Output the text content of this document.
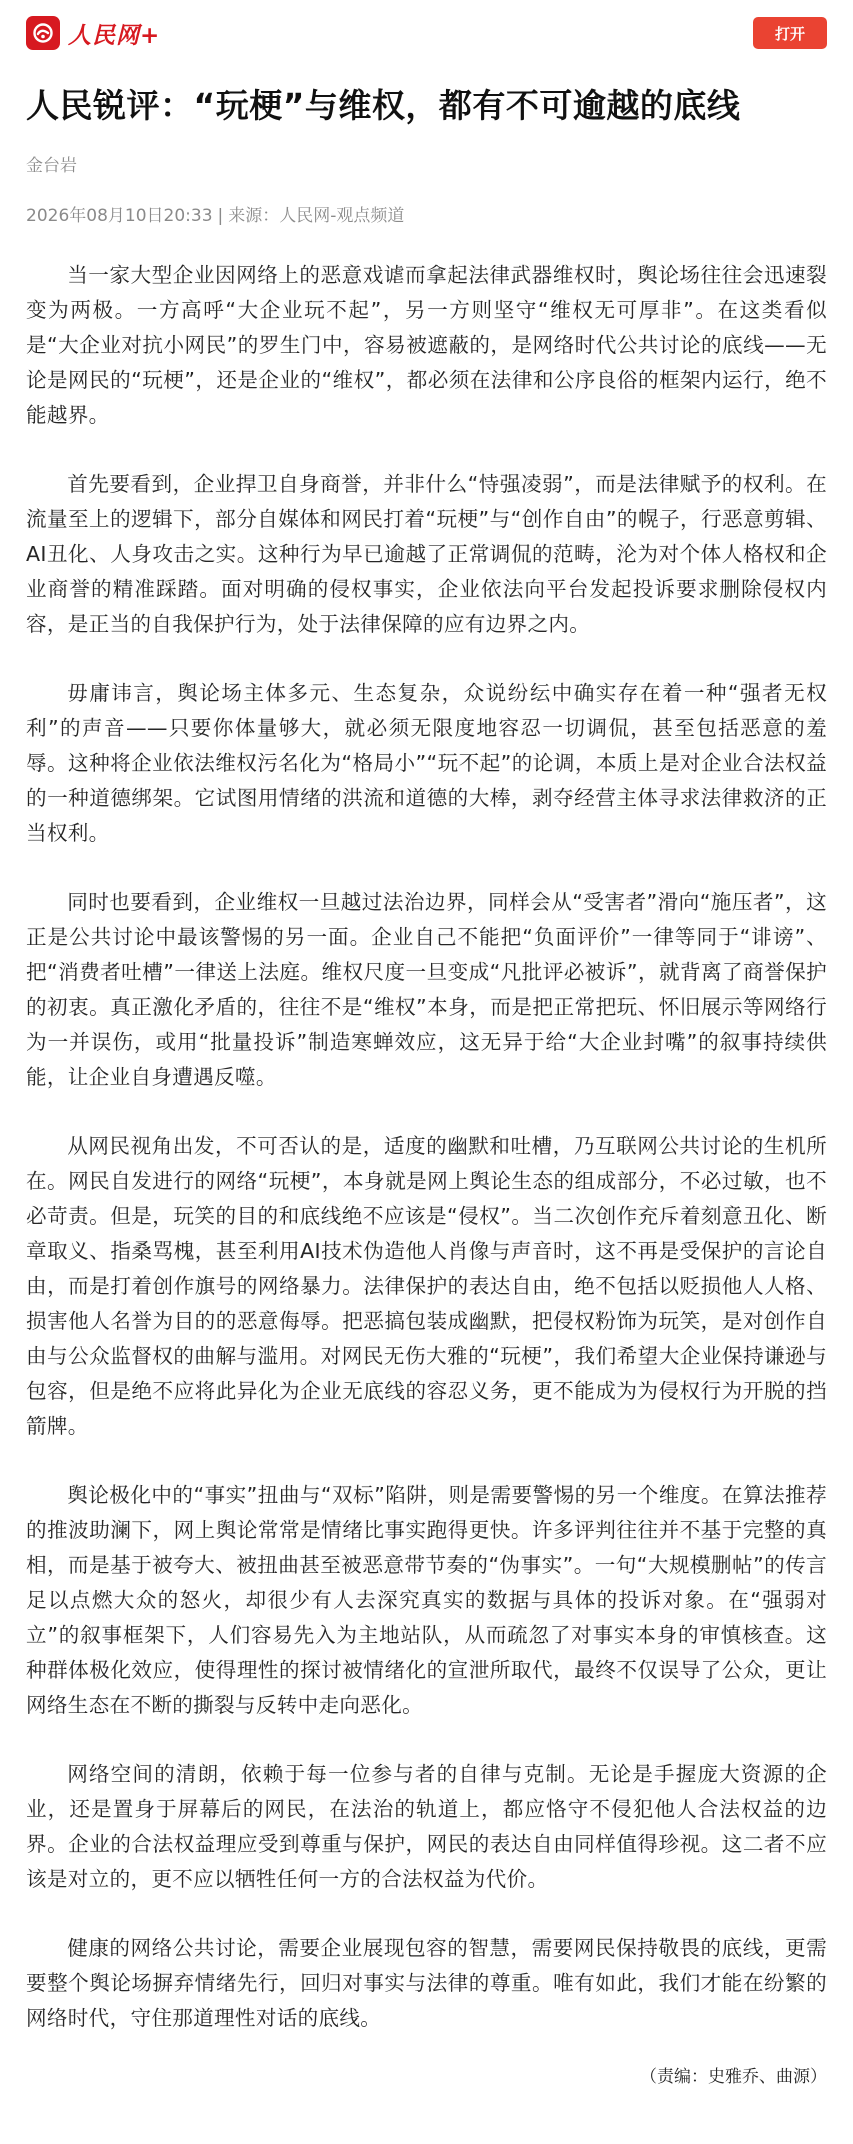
人民网+	打开
人民锐评：“玩梗”与维权，都有不可逾越的底线
金台岩
2026年08月10日20:33 | 来源：人民网-观点频道

当一家大型企业因网络上的恶意戏谑而拿起法律武器维权时，舆论场往往会迅速裂变为两极。一方高呼“大企业玩不起”，另一方则坚守“维权无可厚非”。在这类看似是“大企业对抗小网民”的罗生门中，容易被遮蔽的，是网络时代公共讨论的底线——无论是网民的“玩梗”，还是企业的“维权”，都必须在法律和公序良俗的框架内运行，绝不能越界。

首先要看到，企业捍卫自身商誉，并非什么“恃强凌弱”，而是法律赋予的权利。在流量至上的逻辑下，部分自媒体和网民打着“玩梗”与“创作自由”的幌子，行恶意剪辑、AI丑化、人身攻击之实。这种行为早已逾越了正常调侃的范畴，沦为对个体人格权和企业商誉的精准踩踏。面对明确的侵权事实，企业依法向平台发起投诉要求删除侵权内容，是正当的自我保护行为，处于法律保障的应有边界之内。

毋庸讳言，舆论场主体多元、生态复杂，众说纷纭中确实存在着一种“强者无权利”的声音——只要你体量够大，就必须无限度地容忍一切调侃，甚至包括恶意的羞辱。这种将企业依法维权污名化为“格局小”“玩不起”的论调，本质上是对企业合法权益的一种道德绑架。它试图用情绪的洪流和道德的大棒，剥夺经营主体寻求法律救济的正当权利。

同时也要看到，企业维权一旦越过法治边界，同样会从“受害者”滑向“施压者”，这正是公共讨论中最该警惕的另一面。企业自己不能把“负面评价”一律等同于“诽谤”、把“消费者吐槽”一律送上法庭。维权尺度一旦变成“凡批评必被诉”，就背离了商誉保护的初衷。真正激化矛盾的，往往不是“维权”本身，而是把正常把玩、怀旧展示等网络行为一并误伤，或用“批量投诉”制造寒蝉效应，这无异于给“大企业封嘴”的叙事持续供能，让企业自身遭遇反噬。

从网民视角出发，不可否认的是，适度的幽默和吐槽，乃互联网公共讨论的生机所在。网民自发进行的网络“玩梗”，本身就是网上舆论生态的组成部分，不必过敏，也不必苛责。但是，玩笑的目的和底线绝不应该是“侵权”。当二次创作充斥着刻意丑化、断章取义、指桑骂槐，甚至利用AI技术伪造他人肖像与声音时，这不再是受保护的言论自由，而是打着创作旗号的网络暴力。法律保护的表达自由，绝不包括以贬损他人人格、损害他人名誉为目的的恶意侮辱。把恶搞包装成幽默，把侵权粉饰为玩笑，是对创作自由与公众监督权的曲解与滥用。对网民无伤大雅的“玩梗”，我们希望大企业保持谦逊与包容，但是绝不应将此异化为企业无底线的容忍义务，更不能成为为侵权行为开脱的挡箭牌。

舆论极化中的“事实”扭曲与“双标”陷阱，则是需要警惕的另一个维度。在算法推荐的推波助澜下，网上舆论常常是情绪比事实跑得更快。许多评判往往并不基于完整的真相，而是基于被夸大、被扭曲甚至被恶意带节奏的“伪事实”。一句“大规模删帖”的传言足以点燃大众的怒火，却很少有人去深究真实的数据与具体的投诉对象。在“强弱对立”的叙事框架下，人们容易先入为主地站队，从而疏忽了对事实本身的审慎核查。这种群体极化效应，使得理性的探讨被情绪化的宣泄所取代，最终不仅误导了公众，更让网络生态在不断的撕裂与反转中走向恶化。

网络空间的清朗，依赖于每一位参与者的自律与克制。无论是手握庞大资源的企业，还是置身于屏幕后的网民，在法治的轨道上，都应恪守不侵犯他人合法权益的边界。企业的合法权益理应受到尊重与保护，网民的表达自由同样值得珍视。这二者不应该是对立的，更不应以牺牲任何一方的合法权益为代价。

健康的网络公共讨论，需要企业展现包容的智慧，需要网民保持敬畏的底线，更需要整个舆论场摒弃情绪先行，回归对事实与法律的尊重。唯有如此，我们才能在纷繁的网络时代，守住那道理性对话的底线。

（责编：史雅乔、曲源）
